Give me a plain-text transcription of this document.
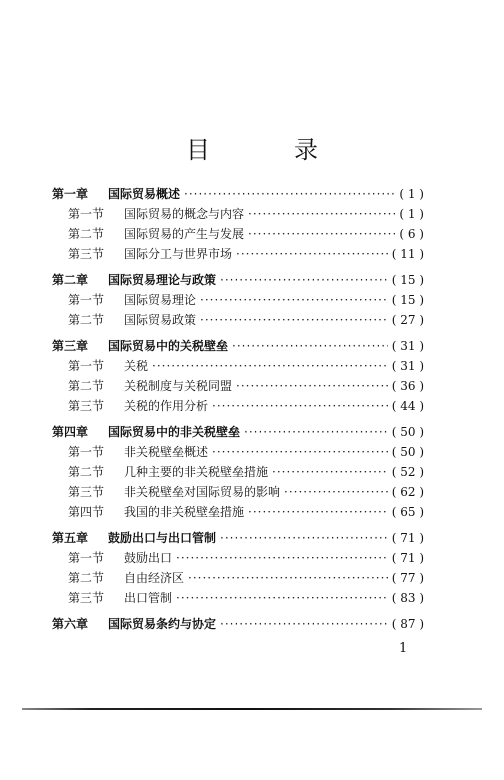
目　录
第一章	国际贸易概述 ·····	( 1 )
第一节	国际贸易的概念与内容 ·····	( 1 )
第二节	国际贸易的产生与发展 ·····	( 6 )
第三节	国际分工与世界市场 ·····	( 11 )
第二章	国际贸易理论与政策 ·····	( 15 )
第一节	国际贸易理论 ·····	( 15 )
第二节	国际贸易政策 ·····	( 27 )
第三章	国际贸易中的关税壁垒 ·····	( 31 )
第一节	关税 ·····	( 31 )
第二节	关税制度与关税同盟 ·····	( 36 )
第三节	关税的作用分析 ·····	( 44 )
第四章	国际贸易中的非关税壁垒 ·····	( 50 )
第一节	非关税壁垒概述 ·····	( 50 )
第二节	几种主要的非关税壁垒措施 ·····	( 52 )
第三节	非关税壁垒对国际贸易的影响 ·····	( 62 )
第四节	我国的非关税壁垒措施 ·····	( 65 )
第五章	鼓励出口与出口管制 ·····	( 71 )
第一节	鼓励出口 ·····	( 71 )
第二节	自由经济区 ·····	( 77 )
第三节	出口管制 ·····	( 83 )
第六章	国际贸易条约与协定 ·····	( 87 )
1
